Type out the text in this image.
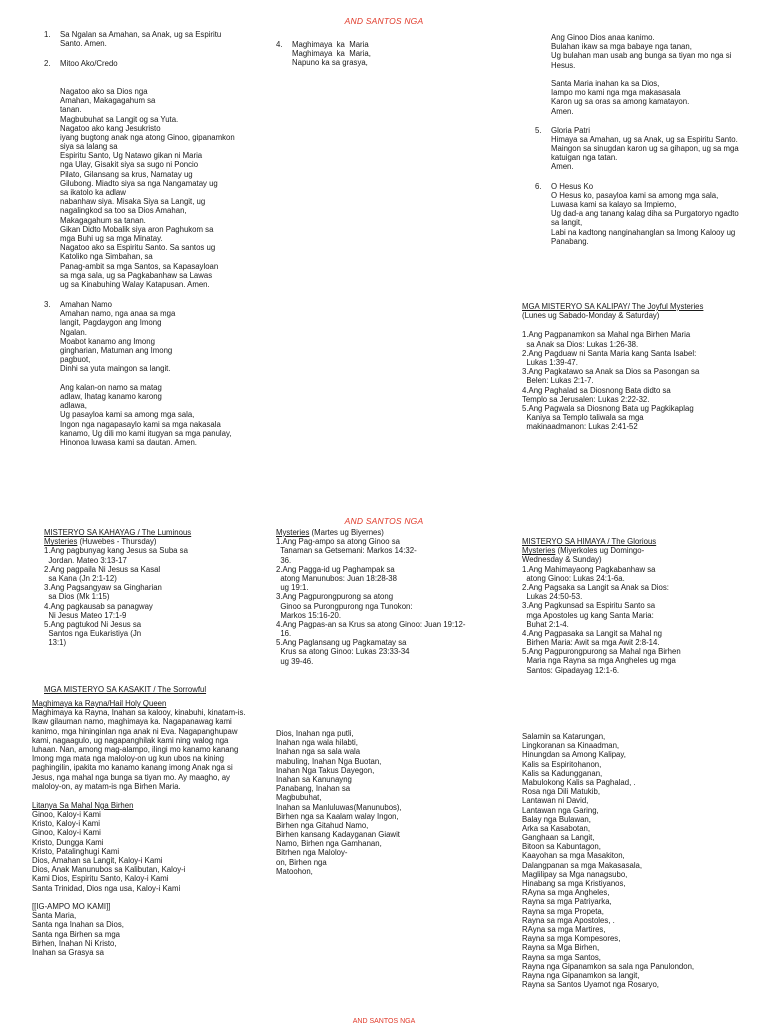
AND SANTOS NGA
1. Sa Ngalan sa Amahan, sa Anak, ug sa Espiritu
Santo. Amen.
2. Mitoo Ako/Credo

Nagatoo ako sa Dios nga
Amahan, Makagagahum sa
tanan.
Magbubuhat sa Langit og sa Yuta.
Nagatoo ako kang Jesukristo
iyang bugtong anak nga atong Ginoo, gipanamkon
siya sa lalang sa
Espiritu Santo, Ug Natawo gikan ni Maria
nga Ulay, Gisakit siya sa sugo ni Poncio
Pilato, Gilansang sa krus, Namatay ug
Gilubong. Miadto siya sa nga Nangamatay ug
sa ikatolo ka adlaw
nabanhaw siya. Misaka Siya sa Langit, ug
nagalingkod sa too sa Dios Amahan,
Makagagahum sa tanan.
Gikan Didto Mobalik siya aron Paghukom sa
mga Buhi ug sa mga Minatay.
Nagatoo ako sa Espiritu Santo. Sa santos ug
Katoliko nga Simbahan, sa
Panag-ambit sa mga Santos, sa Kapasayloan
sa mga sala, ug sa Pagkabanhaw sa Lawas
ug sa Kinabuhing Walay Katapusan. Amen.
3. Amahan Namo
Amahan namo, nga anaa sa mga
langit, Pagdaygon ang Imong
Ngalan.
Moabot kanamo ang Imong
gingharian, Matuman ang Imong
pagbuot,
Dinhi sa yuta maingon sa langit.

Ang kalan-on namo sa matag
adlaw, Ihatag kanamo karong
adlawa,
Ug pasayloa kami sa among mga sala,
Ingon nga nagapasaylo kami sa mga nakasala
kanamo, Ug dili mo kami itugyan sa mga panulay,
Hinonoa luwasa kami sa dautan. Amen.
4. Maghimaya  ka  Maria
Maghimaya  ka  Maria,
Napuno ka sa grasya,
Ang Ginoo Dios anaa kanimo.
Bulahan ikaw sa mga babaye nga tanan,
Ug bulahan man usab ang bunga sa tiyan mo nga si
Hesus.

Santa Maria inahan ka sa Dios,
Iampo mo kami nga mga makasasala
Karon ug sa oras sa among kamatayon.
Amen.
5. Gloria Patri
Himaya sa Amahan, ug sa Anak, ug sa Espiritu Santo.
Maingon sa sinugdan karon ug sa gihapon, ug sa mga
katuigan nga tatan.
Amen.
6. O Hesus Ko
O Hesus ko, pasayloa kami sa among mga sala,
Luwasa kami sa kalayo sa Impiemo,
Ug dad-a ang tanang kalag diha sa Purgatoryo ngadto
sa langit,
Labi na kadtong nanginahanglan sa Imong Kalooy ug
Panabang.
MGA MISTERYO SA KALIPAY/ The Joyful Mysteries
(Lunes ug Sabado-Monday & Saturday)
1.Ang Pagpanamkon sa Mahal nga Birhen Maria
sa Anak sa Dios: Lukas 1:26-38.
2.Ang Pagduaw ni Santa Maria kang Santa Isabel:
Lukas 1:39-47.
3.Ang Pagkatawo sa Anak sa Dios sa Pasongan sa
Belen: Lukas 2:1-7.
4.Ang Paghalad sa Diosnong Bata didto sa
Templo sa Jerusalen: Lukas 2:22-32.
5.Ang Pagwala sa Diosnong Bata ug Pagkikaplag
Kaniya sa Templo taliwala sa mga
makinaadmanon: Lukas 2:41-52
AND SANTOS NGA
MISTERYO SA KAHAYAG / The Luminous
Mysteries (Huwebes - Thursday)
1.Ang pagbunyag kang Jesus sa Suba sa
Jordan. Mateo 3:13-17
2.Ang pagpaila Ni Jesus sa Kasal
sa Kana (Jn 2:1-12)
3.Ang Pagsangyaw sa Gingharian
sa Dios (Mk 1:15)
4.Ang pagkausab sa panagway
Ni Jesus Mateo 17:1-9
5.Ang pagtukod Ni Jesus sa
Santos nga Eukaristiya (Jn
13:1)
Mysteries (Martes ug Biyernes)
1.Ang Pag-ampo sa atong Ginoo sa
Tanaman sa Getsemani: Markos 14:32-
36.
2.Ang Pagga-id ug Paghampak sa
atong Manunubos: Juan 18:28-38
ug 19:1.
3.Ang Pagpurongpurong sa atong
Ginoo sa Purongpurong nga Tunokon:
Markos 15:16-20.
4.Ang Pagpas-an sa Krus sa atong Ginoo: Juan 19:12-
16.
5.Ang Paglansang ug Pagkamatay sa
Krus sa atong Ginoo: Lukas 23:33-34
ug 39-46.
MISTERYO SA HIMAYA / The Glorious
Mysteries (Miyerkoles ug Domingo-
Wednesday & Sunday)
1.Ang Mahimayaong Pagkabanhaw sa
atong Ginoo: Lukas 24:1-6a.
2.Ang Pagsaka sa Langit sa Anak sa Dios:
Lukas 24:50-53.
3.Ang Pagkunsad sa Espiritu Santo sa
mga Apostoles ug kang Santa Maria:
Buhat 2:1-4.
4.Ang Pagpasaka sa Langit sa Mahal ng
Birhen Maria: Awit sa mga Awit 2:8-14.
5.Ang Pagpurongpurong sa Mahal nga Birhen
Maria nga Rayna sa mga Angheles ug mga
Santos: Gipadayag 12:1-6.
MGA MISTERYO SA KASAKIT / The Sorrowful
Maghimaya ka Rayna/Hail Holy Queen
Maghimaya ka Rayna, Inahan sa kalooy, kinabuhi, kinatam-is.
Ikaw gilauman namo, maghimaya ka. Nagapanawag kami
kanimo, mga hininginlan nga anak ni Eva. Nagapanghupaw
kami, nagaagulo, ug nagapanghilak kami ning walog nga
luhaan. Nan, among mag-alampo, ilingi mo kanamo kanang
Imong mga mata nga maloloy-on ug kun ubos na kining
paghingilin, ipakita mo kanamo kanang imong Anak nga si
Jesus, nga mahal nga bunga sa tiyan mo. Ay maagho, ay
maloloy-on, ay matam-is nga Birhen Maria.
Litanya Sa Mahal Nga Birhen
Ginoo, Kaloy-i Kami
Kristo, Kaloy-i Kami
Ginoo, Kaloy-i Kami
Kristo, Dungga Kami
Kristo, Patalinghugi Kami
Dios, Amahan sa Langit, Kaloy-i Kami
Dios, Anak Manunubos sa Kalibutan, Kaloy-i
Kami Dios, Espiritu Santo, Kaloy-i Kami
Santa Trinidad, Dios nga usa, Kaloy-i Kami

[[IG-AMPO MO KAMI]]
Santa Maria,
Santa nga Inahan sa Dios,
Santa nga Birhen sa mga
Birhen, Inahan Ni Kristo,
Inahan sa Grasya sa
Dios, Inahan nga putli,
Inahan nga wala hilabti,
Inahan nga sa sala wala
mabuling, Inahan Nga Buotan,
Inahan Nga Takus Dayegon,
Inahan sa Kanunayng
Panabang, Inahan sa
Magbubuhat,
Inahan sa Manluluwas(Manunubos),
Birhen nga sa Kaalam walay Ingon,
Birhen nga Gitahud Namo,
Birhen kansang Kadayganan Giawit
Namo, Birhen nga Gamhanan,
Bitrhen nga Maloloy-
on, Birhen nga
Matoohon,
Salamin sa Katarungan,
Lingkoranan sa Kinaadman,
Hinungdan sa Among Kalipay,
Kalis sa Espiritohanon,
Kalis sa Kadungganan,
Mabulokong Kalis sa Paghalad, .
Rosa nga Dili Matukib,
Lantawan ni David,
Lantawan nga Garing,
Balay nga Bulawan,
Arka sa Kasabotan,
Ganghaan sa Langit,
Bitoon sa Kabuntagon,
Kaayohan sa mga Masakiton,
Dalangpanan sa mga Makasasala,
Maglilipay sa Mga nanagsubo,
Hinabang sa mga Kristiyanos,
RAyna sa mga Angheles,
Rayna sa mga Patriyarka,
Rayna sa mga Propeta,
Rayna sa mga Apostoles, .
RAyna sa mga Martires,
Rayna sa mga Kompesores,
Rayna sa Mga Birhen,
Rayna sa mga Santos,
Rayna nga Gipanamkon sa sala nga Panulondon,
Rayna nga Gipanamkon sa langit,
Rayna sa Santos Uyamot nga Rosaryo,
AND SANTOS NGA
